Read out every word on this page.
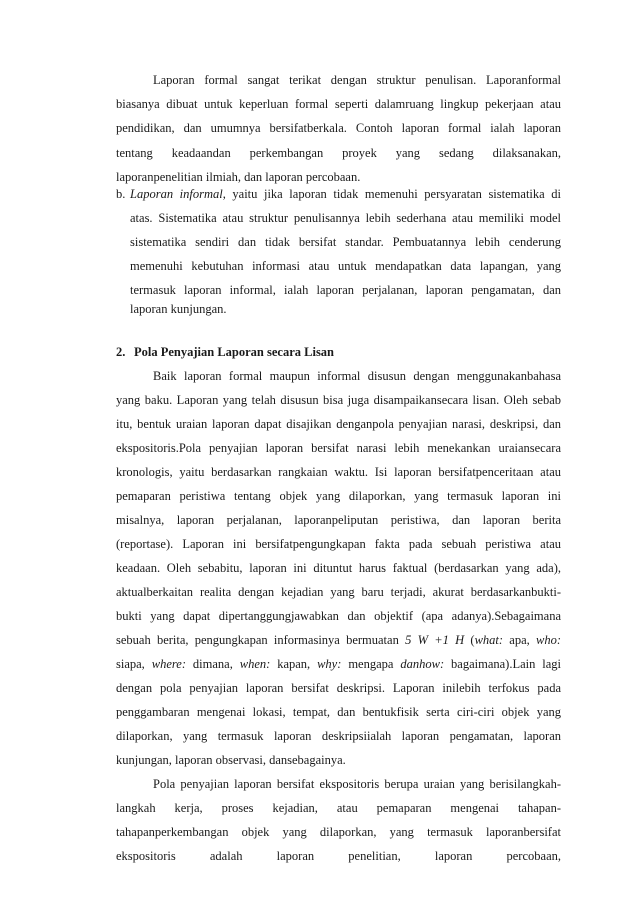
Laporan formal sangat terikat dengan struktur penulisan. Laporanformal
biasanya dibuat untuk keperluan formal seperti dalamruang lingkup pekerjaan atau
pendidikan, dan umumnya bersifatberkala. Contoh laporan formal ialah laporan
tentang keadaandan perkembangan proyek yang sedang dilaksanakan,
laporanpenelitian ilmiah, dan laporan percobaan.
b. Laporan informal, yaitu jika laporan tidak memenuhi persyaratan sistematika di
atas. Sistematika atau struktur penulisannya lebih sederhana atau memiliki model
sistematika sendiri dan tidak bersifat standar. Pembuatannya lebih cenderung
memenuhi kebutuhan informasi atau untuk mendapatkan data lapangan, yang
termasuk laporan informal, ialah laporan perjalanan, laporan pengamatan, dan
laporan kunjungan.
2. Pola Penyajian Laporan secara Lisan
Baik laporan formal maupun informal disusun dengan menggunakanbahasa
yang baku. Laporan yang telah disusun bisa juga disampaikansecara lisan. Oleh sebab
itu, bentuk uraian laporan dapat disajikan denganpola penyajian narasi, deskripsi, dan
ekspositoris.Pola penyajian laporan bersifat narasi lebih menekankan uraiansecara
kronologis, yaitu berdasarkan rangkaian waktu. Isi laporan bersifatpenceritaan atau
pemaparan peristiwa tentang objek yang dilaporkan, yang termasuk laporan ini
misalnya, laporan perjalanan, laporanpeliputan peristiwa, dan laporan berita
(reportase). Laporan ini bersifatpengungkapan fakta pada sebuah peristiwa atau
keadaan. Oleh sebabitu, laporan ini dituntut harus faktual (berdasarkan yang ada),
aktualberkaitan realita dengan kejadian yang baru terjadi, akurat berdasarkanbukti-
bukti yang dapat dipertanggungjawabkan dan objektif (apa adanya).Sebagaimana
sebuah berita, pengungkapan informasinya bermuatan 5 W +1 H (what: apa, who:
siapa, where: dimana, when: kapan, why: mengapa danhow: bagaimana).Lain lagi
dengan pola penyajian laporan bersifat deskripsi. Laporan inilebih terfokus pada
penggambaran mengenai lokasi, tempat, dan bentukfisik serta ciri-ciri objek yang
dilaporkan, yang termasuk laporan deskripsiialah laporan pengamatan, laporan
kunjungan, laporan observasi, dansebagainya.
Pola penyajian laporan bersifat ekspositoris berupa uraian yang berisilangkah-
langkah kerja, proses kejadian, atau pemaparan mengenai tahapan-
tahapanperkembangan objek yang dilaporkan, yang termasuk laporanbersifat
ekspositoris adalah laporan penelitian, laporan percobaan,
